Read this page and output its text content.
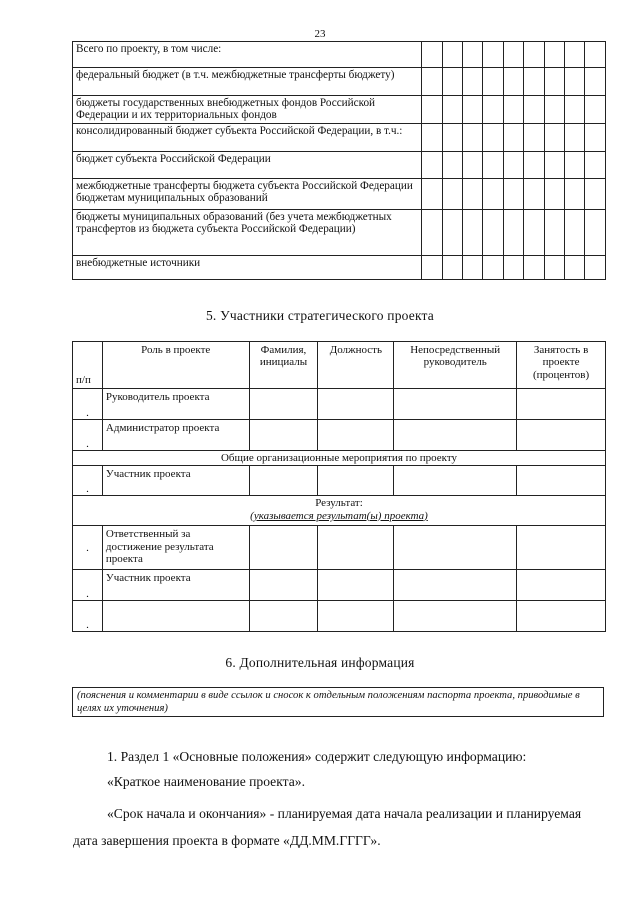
23
Всего по проекту, в том числе:									
федеральный бюджет (в т.ч. межбюджетные трансферты бюджету)									
бюджеты государственных внебюджетных фондов Российской Федерации и их территориальных фондов									
консолидированный бюджет субъекта Российской Федерации, в т.ч.:									
бюджет субъекта Российской Федерации									
межбюджетные трансферты бюджета субъекта Российской Федерации бюджетам муниципальных образований									
бюджеты муниципальных образований (без учета межбюджетных трансфертов из бюджета субъекта Российской Федерации)									
внебюджетные источники									
5. Участники стратегического проекта
п/п	Роль в проекте	Фамилия, инициалы	Должность	Непосредственный руководитель	Занятость в проекте (процентов)
.	Руководитель проекта				
.	Администратор проекта				
Общие организационные мероприятия по проекту					
.	Участник проекта				

Результат:
(указывается результат(ы) проекта)					

.	Ответственный за достижение результата проекта				
.	Участник проекта				
.					
6. Дополнительная информация
(пояснения и комментарии в виде ссылок и сносок к отдельным положениям паспорта проекта, приводимые в целях их уточнения)
1. Раздел 1 «Основные положения» содержит следующую информацию:
«Краткое наименование проекта».
«Срок начала и окончания» - планируемая дата начала реализации и планируемая дата завершения проекта в формате «ДД.ММ.ГГГГ».
